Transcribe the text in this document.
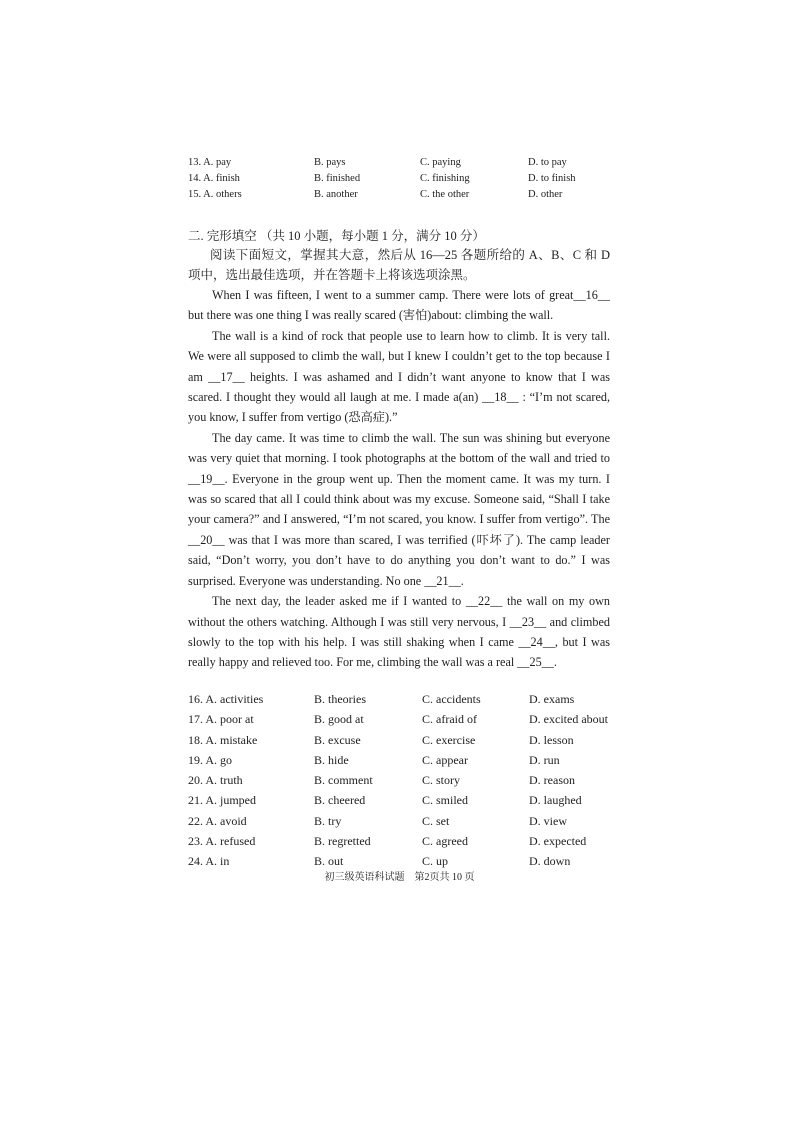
13. A. pay	B. pays	C. paying	D. to pay
14. A. finish	B. finished	C. finishing	D. to finish
15. A. others	B. another	C. the other	D. other
二. 完形填空 （共 10 小题，每小题 1 分，满分 10 分）
阅读下面短文，掌握其大意，然后从 16—25 各题所给的 A、B、C 和 D 项中，选出最佳选项，并在答题卡上将该选项涂黑。

When I was fifteen, I went to a summer camp. There were lots of great__16__ but there was one thing I was really scared (害怕)about: climbing the wall.

The wall is a kind of rock that people use to learn how to climb. It is very tall. We were all supposed to climb the wall, but I knew I couldn’t get to the top because I am __17__ heights. I was ashamed and I didn’t want anyone to know that I was scared. I thought they would all laugh at me. I made a(an) __18__ : “I’m not scared, you know, I suffer from vertigo (恐高症).”

The day came. It was time to climb the wall. The sun was shining but everyone was very quiet that morning. I took photographs at the bottom of the wall and tried to __19__. Everyone in the group went up. Then the moment came. It was my turn. I was so scared that all I could think about was my excuse. Someone said, “Shall I take your camera?” and I answered, “I’m not scared, you know. I suffer from vertigo”. The __20__ was that I was more than scared, I was terrified (吓坏了). The camp leader said, “Don’t worry, you don’t have to do anything you don’t want to do.” I was surprised. Everyone was understanding. No one __21__.

The next day, the leader asked me if I wanted to __22__ the wall on my own without the others watching. Although I was still very nervous, I __23__ and climbed slowly to the top with his help. I was still shaking when I came __24__, but I was really happy and relieved too. For me, climbing the wall was a real __25__.

16. A. activities	B. theories	C. accidents	D. exams
17. A. poor at	B. good at	C. afraid of	D. excited about
18. A. mistake	B. excuse	C. exercise	D. lesson
19. A. go	B. hide	C. appear	D. run
20. A. truth	B. comment	C. story	D. reason
21. A. jumped	B. cheered	C. smiled	D. laughed
22. A. avoid	B. try	C. set	D. view
23. A. refused	B. regretted	C. agreed	D. expected
24. A. in	B. out	C. up	D. down
初三级英语科试题　第2页共 10 页
